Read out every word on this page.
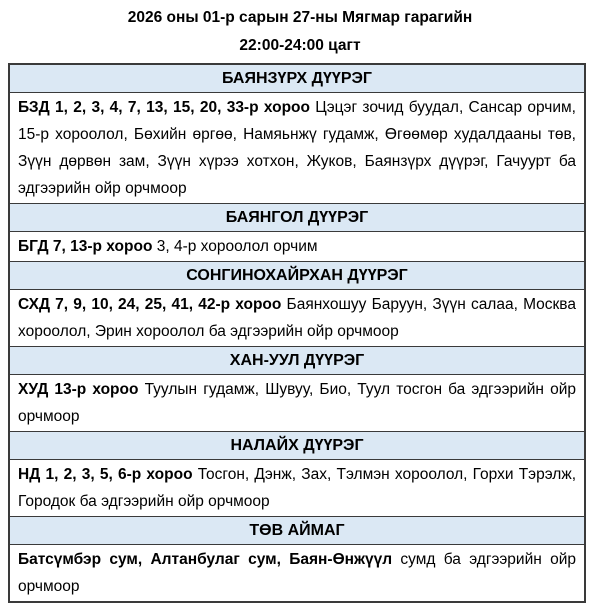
2026 оны 01-р сарын 27-ны Мягмар гарагийн
22:00-24:00 цагт
БАЯНЗҮРХ ДҮҮРЭГ
БЗД 1, 2, 3, 4, 7, 13, 15, 20, 33-р хороо Цэцэг зочид буудал, Сансар орчим, 15-р хороолол, Бөхийн өргөө, Намяьнжү гудамж, Өгөөмөр худалдааны төв, Зүүн дөрвөн зам, Зүүн хүрээ хотхон, Жуков, Баянзүрх дүүрэг, Гачуурт ба эдгээрийн ойр орчмоор
БАЯНГОЛ ДҮҮРЭГ
БГД 7, 13-р хороо 3, 4-р хороолол орчим
СОНГИНОХАЙРХАН ДҮҮРЭГ
СХД 7, 9, 10, 24, 25, 41, 42-р хороо Баянхошуу Баруун, Зүүн салаа, Москва хороолол, Эрин хороолол ба эдгээрийн ойр орчмоор
ХАН-УУЛ ДҮҮРЭГ
ХУД 13-р хороо Туулын гудамж, Шувуу, Био, Туул тосгон ба эдгээрийн ойр орчмоор
НАЛАЙХ ДҮҮРЭГ
НД 1, 2, 3, 5, 6-р хороо Тосгон, Дэнж, Зах, Тэлмэн хороолол, Горхи Тэрэлж, Городок ба эдгээрийн ойр орчмоор
ТӨВ АЙМАГ
Батсүмбэр сум, Алтанбулаг сум, Баян-Өнжүүл сумд ба эдгээрийн ойр орчмоор
